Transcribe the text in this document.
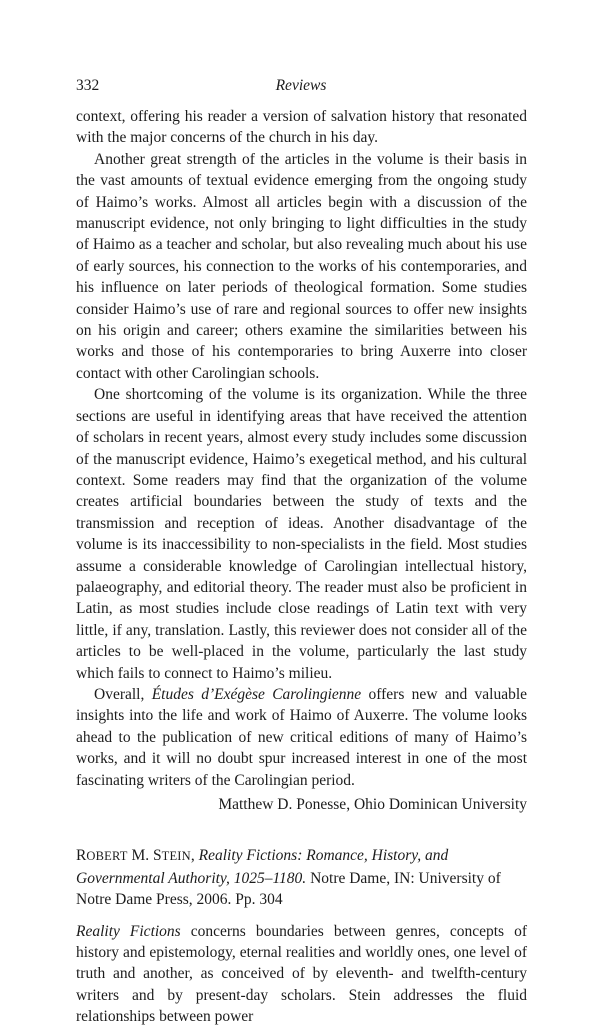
332	Reviews

context, offering his reader a version of salvation history that resonated with the major concerns of the church in his day.

Another great strength of the articles in the volume is their basis in the vast amounts of textual evidence emerging from the ongoing study of Haimo’s works. Almost all articles begin with a discussion of the manuscript evidence, not only bringing to light difficulties in the study of Haimo as a teacher and scholar, but also revealing much about his use of early sources, his connection to the works of his contemporaries, and his influence on later periods of theological formation. Some studies consider Haimo’s use of rare and regional sources to offer new insights on his origin and career; others examine the similarities between his works and those of his contemporaries to bring Auxerre into closer contact with other Carolingian schools.

One shortcoming of the volume is its organization. While the three sections are useful in identifying areas that have received the attention of scholars in recent years, almost every study includes some discussion of the manuscript evidence, Haimo’s exegetical method, and his cultural context. Some readers may find that the organization of the volume creates artificial boundaries between the study of texts and the transmission and reception of ideas. Another disadvantage of the volume is its inaccessibility to non-specialists in the field. Most studies assume a considerable knowledge of Carolingian intellectual history, palaeography, and editorial theory. The reader must also be proficient in Latin, as most studies include close readings of Latin text with very little, if any, translation. Lastly, this reviewer does not consider all of the articles to be well-placed in the volume, particularly the last study which fails to connect to Haimo’s milieu.

Overall, Études d’Exégèse Carolingienne offers new and valuable insights into the life and work of Haimo of Auxerre. The volume looks ahead to the publication of new critical editions of many of Haimo’s works, and it will no doubt spur increased interest in one of the most fascinating writers of the Carolingian period.

Matthew D. Ponesse, Ohio Dominican University

ROBERT M. STEIN, Reality Fictions: Romance, History, and Governmental Authority, 1025–1180. Notre Dame, IN: University of Notre Dame Press, 2006. Pp. 304

Reality Fictions concerns boundaries between genres, concepts of history and epistemology, eternal realities and worldly ones, one level of truth and another, as conceived of by eleventh- and twelfth-century writers and by present-day scholars. Stein addresses the fluid relationships between power
